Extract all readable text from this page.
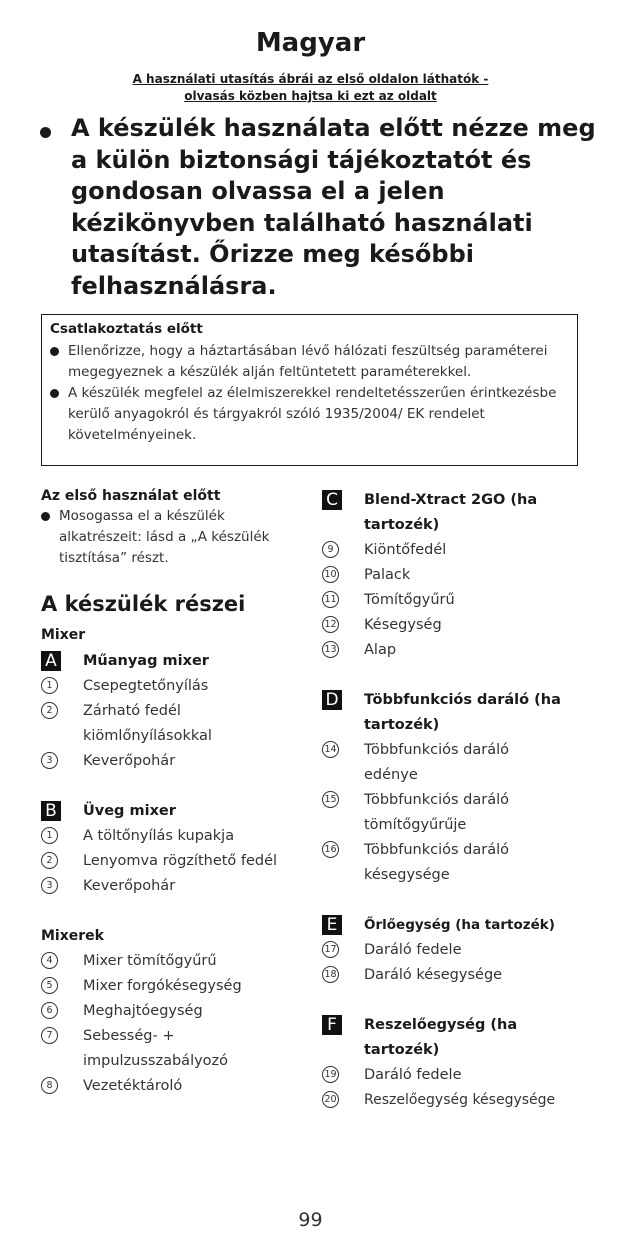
Magyar
A használati utasítás ábrái az első oldalon láthatók -
olvasás közben hajtsa ki ezt az oldalt

A készülék használata előtt nézze meg a külön biztonsági tájékoztatót és gondosan olvassa el a jelen kézikönyvben található használati utasítást. Őrizze meg későbbi felhasználásra.

Csatlakoztatás előtt
Ellenőrizze, hogy a háztartásában lévő hálózati feszültség paraméterei megegyeznek a készülék alján feltüntetett paraméterekkel.
A készülék megfelel az élelmiszerekkel rendeltetésszerűen érintkezésbe kerülő anyagokról és tárgyakról szóló 1935/2004/ EK rendelet követelményeinek.
Az első használat előtt
Mosogassa el a készülék alkatrészeit: lásd a „A készülék tisztítása” részt.
A készülék részei
Mixer
A Műanyag mixer
1	Csepegtetőnyílás
2	Zárható fedél kiömlőnyílásokkal
3	Keverőpohár
B Üveg mixer
1	A töltőnyílás kupakja
2	Lenyomva rögzíthető fedél
3	Keverőpohár
Mixerek
4	Mixer tömítőgyűrű
5	Mixer forgókésegység
6	Meghajtóegység
7	Sebesség- + impulzusszabályozó
8	Vezetéktároló
C Blend-Xtract 2GO (ha tartozék)
9	Kiöntőfedél
10 Palack
11 Tömítőgyűrű
12 Késegység
13 Alap
D Többfunkciós daráló (ha tartozék)
14 Többfunkciós daráló edénye
15 Többfunkciós daráló tömítőgyűrűje
16 Többfunkciós daráló késegysége
E	Őrlőegység (ha tartozék)
17 Daráló fedele
18 Daráló késegysége
F	Reszelőegység (ha tartozék)
19 Daráló fedele
20 Reszelőegység késegysége
99
